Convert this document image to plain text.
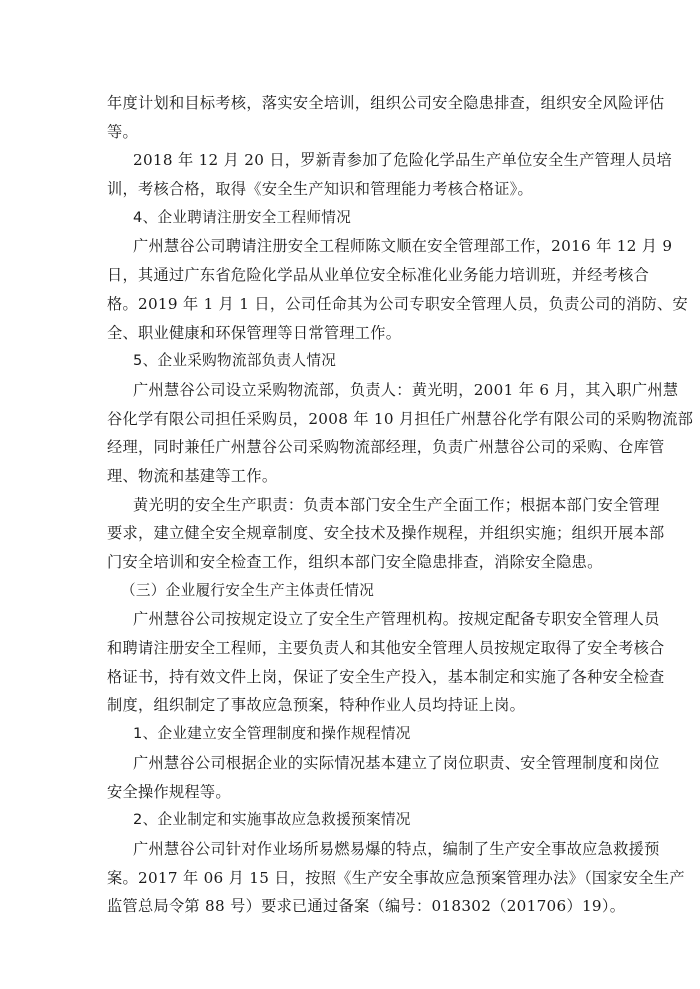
年度计划和目标考核，落实安全培训，组织公司安全隐患排查，组织安全风险评估
等。
2018 年 12 月 20 日，罗新青参加了危险化学品生产单位安全生产管理人员培
训，考核合格，取得《安全生产知识和管理能力考核合格证》。
4、企业聘请注册安全工程师情况
广州慧谷公司聘请注册安全工程师陈文顺在安全管理部工作，2016 年 12 月 9
日，其通过广东省危险化学品从业单位安全标准化业务能力培训班，并经考核合
格。2019 年 1 月 1 日，公司任命其为公司专职安全管理人员，负责公司的消防、安
全、职业健康和环保管理等日常管理工作。
5、企业采购物流部负责人情况
广州慧谷公司设立采购物流部，负责人：黄光明，2001 年 6 月，其入职广州慧
谷化学有限公司担任采购员，2008 年 10 月担任广州慧谷化学有限公司的采购物流部
经理，同时兼任广州慧谷公司采购物流部经理，负责广州慧谷公司的采购、仓库管
理、物流和基建等工作。
黄光明的安全生产职责：负责本部门安全生产全面工作；根据本部门安全管理
要求，建立健全安全规章制度、安全技术及操作规程，并组织实施；组织开展本部
门安全培训和安全检查工作，组织本部门安全隐患排查，消除安全隐患。
（三）企业履行安全生产主体责任情况
广州慧谷公司按规定设立了安全生产管理机构。按规定配备专职安全管理人员
和聘请注册安全工程师，主要负责人和其他安全管理人员按规定取得了安全考核合
格证书，持有效文件上岗，保证了安全生产投入，基本制定和实施了各种安全检查
制度，组织制定了事故应急预案，特种作业人员均持证上岗。
1、企业建立安全管理制度和操作规程情况
广州慧谷公司根据企业的实际情况基本建立了岗位职责、安全管理制度和岗位
安全操作规程等。
2、企业制定和实施事故应急救援预案情况
广州慧谷公司针对作业场所易燃易爆的特点，编制了生产安全事故应急救援预
案。2017 年 06 月 15 日，按照《生产安全事故应急预案管理办法》（国家安全生产
监管总局令第 88 号）要求已通过备案（编号：018302（201706）19）。
